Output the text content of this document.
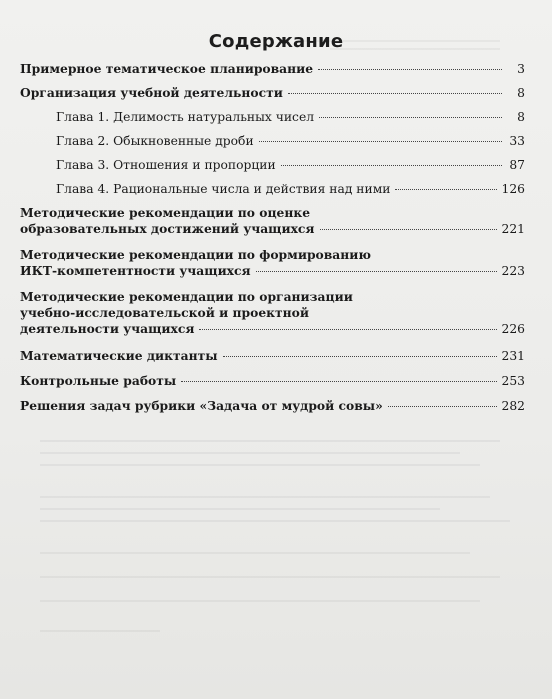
Содержание
Примерное тематическое планирование	3
Организация учебной деятельности	8
Глава 1. Делимость натуральных чисел	8
Глава 2. Обыкновенные дроби	33
Глава 3. Отношения и пропорции	87
Глава 4. Рациональные числа и действия над ними	126
Методические рекомендации по оценке
образовательных достижений учащихся	221
Методические рекомендации по формированию
ИКТ-компетентности учащихся	223
Методические рекомендации по организации
учебно-исследовательской и проектной
деятельности учащихся	226
Математические диктанты	231
Контрольные работы	253
Решения задач рубрики «Задача от мудрой совы»	282
